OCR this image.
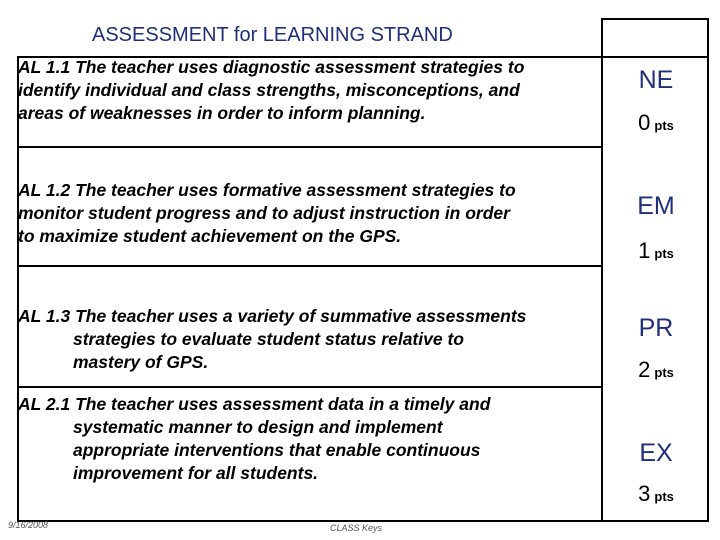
ASSESSMENT for LEARNING STRAND
AL 1.1 The teacher uses diagnostic assessment strategies to
identify individual and class strengths, misconceptions, and
areas of weaknesses in order to inform planning.
NE
0 pts
AL 1.2 The teacher uses formative assessment strategies to
monitor student progress and to adjust instruction in order
to maximize student achievement on the GPS.
EM
1 pts
AL 1.3 The teacher uses a variety of summative assessments
strategies to evaluate student status relative to
mastery of GPS.
PR
2 pts
AL 2.1 The teacher uses assessment data in a timely and
systematic manner to design and implement
appropriate interventions that enable continuous
improvement for all students.
EX
3 pts
9/16/2008	CLASS Keys
